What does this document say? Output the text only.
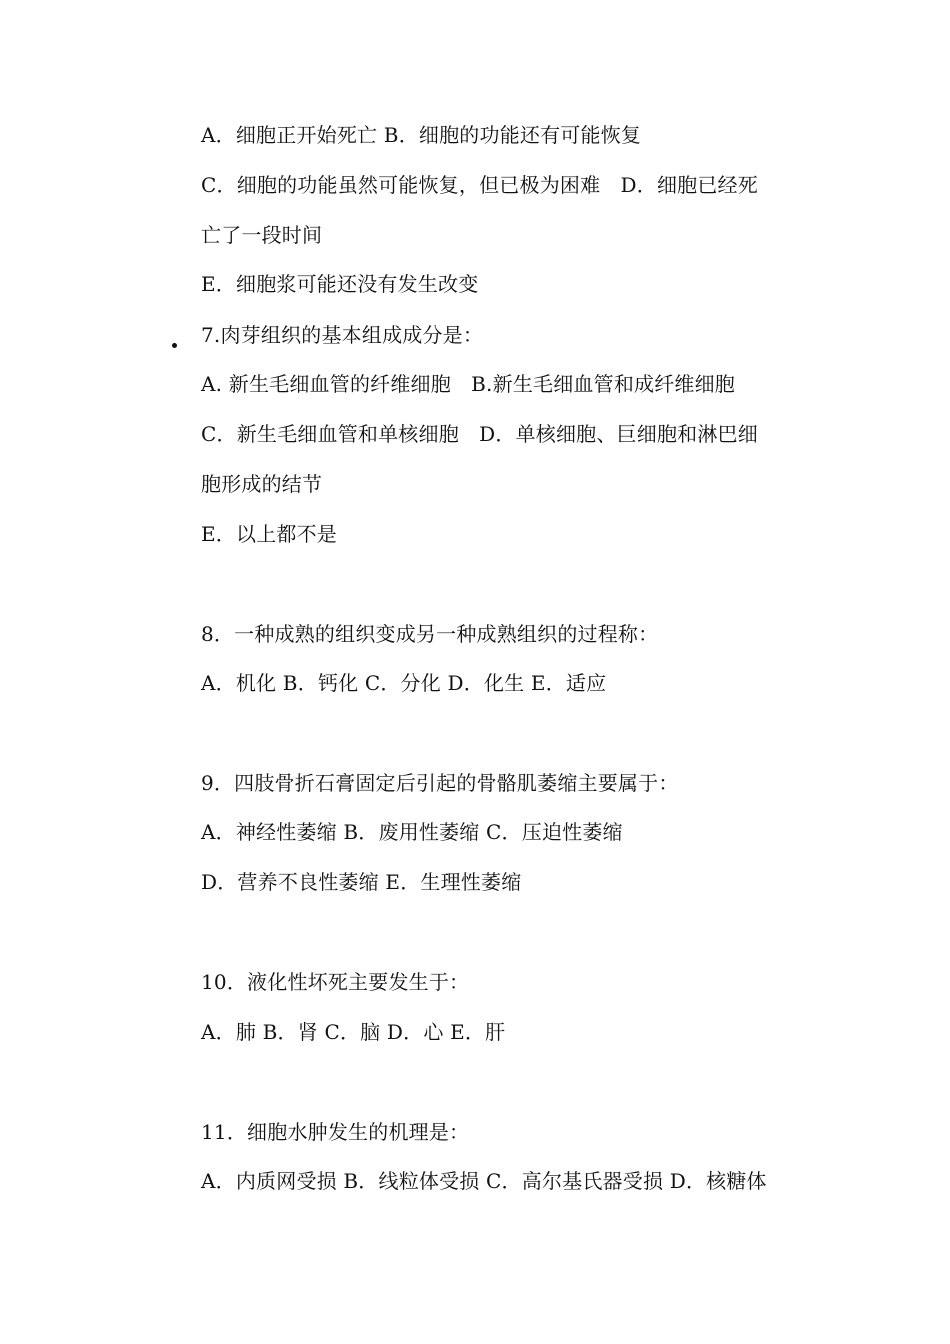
A．细胞正开始死亡 B．细胞的功能还有可能恢复
C．细胞的功能虽然可能恢复，但已极为困难　D．细胞已经死
亡了一段时间
E．细胞浆可能还没有发生改变
7.肉芽组织的基本组成成分是：
A. 新生毛细血管的纤维细胞　B.新生毛细血管和成纤维细胞
C．新生毛细血管和单核细胞　D．单核细胞、巨细胞和淋巴细
胞形成的结节
E．以上都不是
8．一种成熟的组织变成另一种成熟组织的过程称：
A．机化 B．钙化 C．分化 D．化生 E．适应
9．四肢骨折石膏固定后引起的骨骼肌萎缩主要属于：
A．神经性萎缩 B．废用性萎缩 C．压迫性萎缩
D．营养不良性萎缩 E．生理性萎缩
10．液化性坏死主要发生于：
A．肺 B．肾 C．脑 D．心 E．肝
11．细胞水肿发生的机理是：
A．内质网受损 B．线粒体受损 C．高尔基氏器受损 D．核糖体
